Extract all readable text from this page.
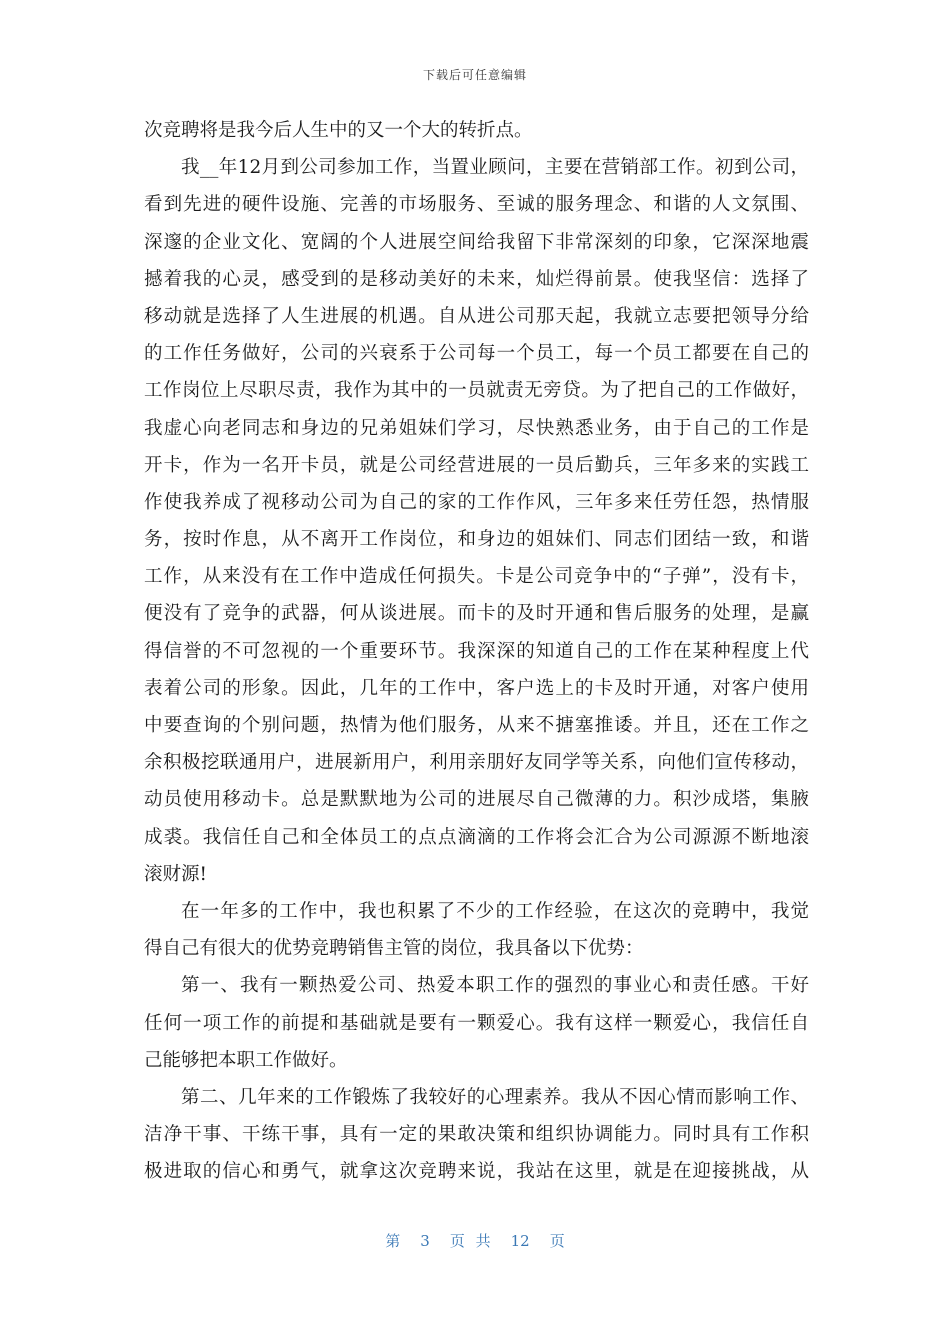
下载后可任意编辑
次竞聘将是我今后人生中的又一个大的转折点。
我__年12月到公司参加工作，当置业顾问，主要在营销部工作。初到公司，
看到先进的硬件设施、完善的市场服务、至诚的服务理念、和谐的人文氛围、
深邃的企业文化、宽阔的个人进展空间给我留下非常深刻的印象，它深深地震
撼着我的心灵，感受到的是移动美好的未来，灿烂得前景。使我坚信：选择了
移动就是选择了人生进展的机遇。自从进公司那天起，我就立志要把领导分给
的工作任务做好，公司的兴衰系于公司每一个员工，每一个员工都要在自己的
工作岗位上尽职尽责，我作为其中的一员就责无旁贷。为了把自己的工作做好，
我虚心向老同志和身边的兄弟姐妹们学习，尽快熟悉业务，由于自己的工作是
开卡，作为一名开卡员，就是公司经营进展的一员后勤兵，三年多来的实践工
作使我养成了视移动公司为自己的家的工作作风，三年多来任劳任怨，热情服
务，按时作息，从不离开工作岗位，和身边的姐妹们、同志们团结一致，和谐
工作，从来没有在工作中造成任何损失。卡是公司竞争中的“子弹”，没有卡，
便没有了竞争的武器，何从谈进展。而卡的及时开通和售后服务的处理，是赢
得信誉的不可忽视的一个重要环节。我深深的知道自己的工作在某种程度上代
表着公司的形象。因此，几年的工作中，客户选上的卡及时开通，对客户使用
中要查询的个别问题，热情为他们服务，从来不搪塞推诿。并且，还在工作之
余积极挖联通用户，进展新用户，利用亲朋好友同学等关系，向他们宣传移动，
动员使用移动卡。总是默默地为公司的进展尽自己微薄的力。积沙成塔，集腋
成裘。我信任自己和全体员工的点点滴滴的工作将会汇合为公司源源不断地滚
滚财源!
在一年多的工作中，我也积累了不少的工作经验，在这次的竞聘中，我觉
得自己有很大的优势竞聘销售主管的岗位，我具备以下优势：
第一、我有一颗热爱公司、热爱本职工作的强烈的事业心和责任感。干好
任何一项工作的前提和基础就是要有一颗爱心。我有这样一颗爱心，我信任自
己能够把本职工作做好。
第二、几年来的工作锻炼了我较好的心理素养。我从不因心情而影响工作、
洁净干事、干练干事，具有一定的果敢决策和组织协调能力。同时具有工作积
极进取的信心和勇气，就拿这次竞聘来说，我站在这里，就是在迎接挑战，从
第 3 页 共 12 页
